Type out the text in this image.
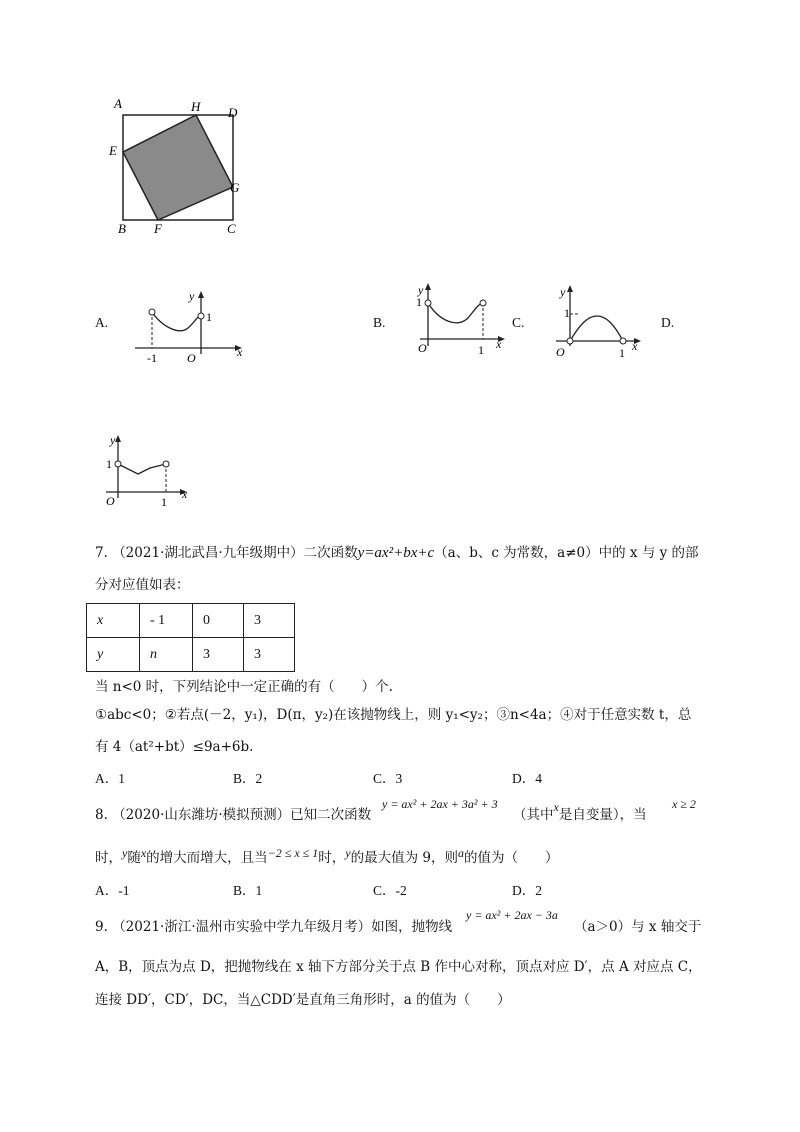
A	H D
E
G
B F	C
A.
-1	O	x
y
1	B.
1
O	1 x
y
C.
1
O	1 x
y
D.
1
O	1
x
y
7. （2021·湖北武昌·九年级期中）二次函数y=ax²+bx+c（a、b、c 为常数，a≠0）中的 x 与 y 的部
分对应值如表：
x	- 1	0	3
y	n	3	3
当 n<0 时，下列结论中一定正确的有（　　）个.
①abc<0；②若点(－2，y₁)，D(π，y₂)在该抛物线上，则 y₁<y₂；③n<4a；④对于任意实数 t，总
有 4（at²+bt）≤9a+6b.
A．1	B．2	C．3	D．4
8. （2020·山东潍坊·模拟预测）已知二次函数
y = ax² + 2ax + 3a² + 3
（其中x是自变量），当
x ≥ 2
时，y随x的增大而增大，且当−2 ≤ x ≤ 1时，y的最大值为 9，则a的值为（　　）
A．-1	B．1	C．-2	D．2
9. （2021·浙江·温州市实验中学九年级月考）如图，抛物线
y = ax² + 2ax − 3a
（a＞0）与 x 轴交于
A，B，顶点为点 D，把抛物线在 x 轴下方部分关于点 B 作中心对称，顶点对应 D′，点 A 对应点 C，
连接 DD′，CD′，DC，当△CDD′是直角三角形时，a 的值为（　　）
